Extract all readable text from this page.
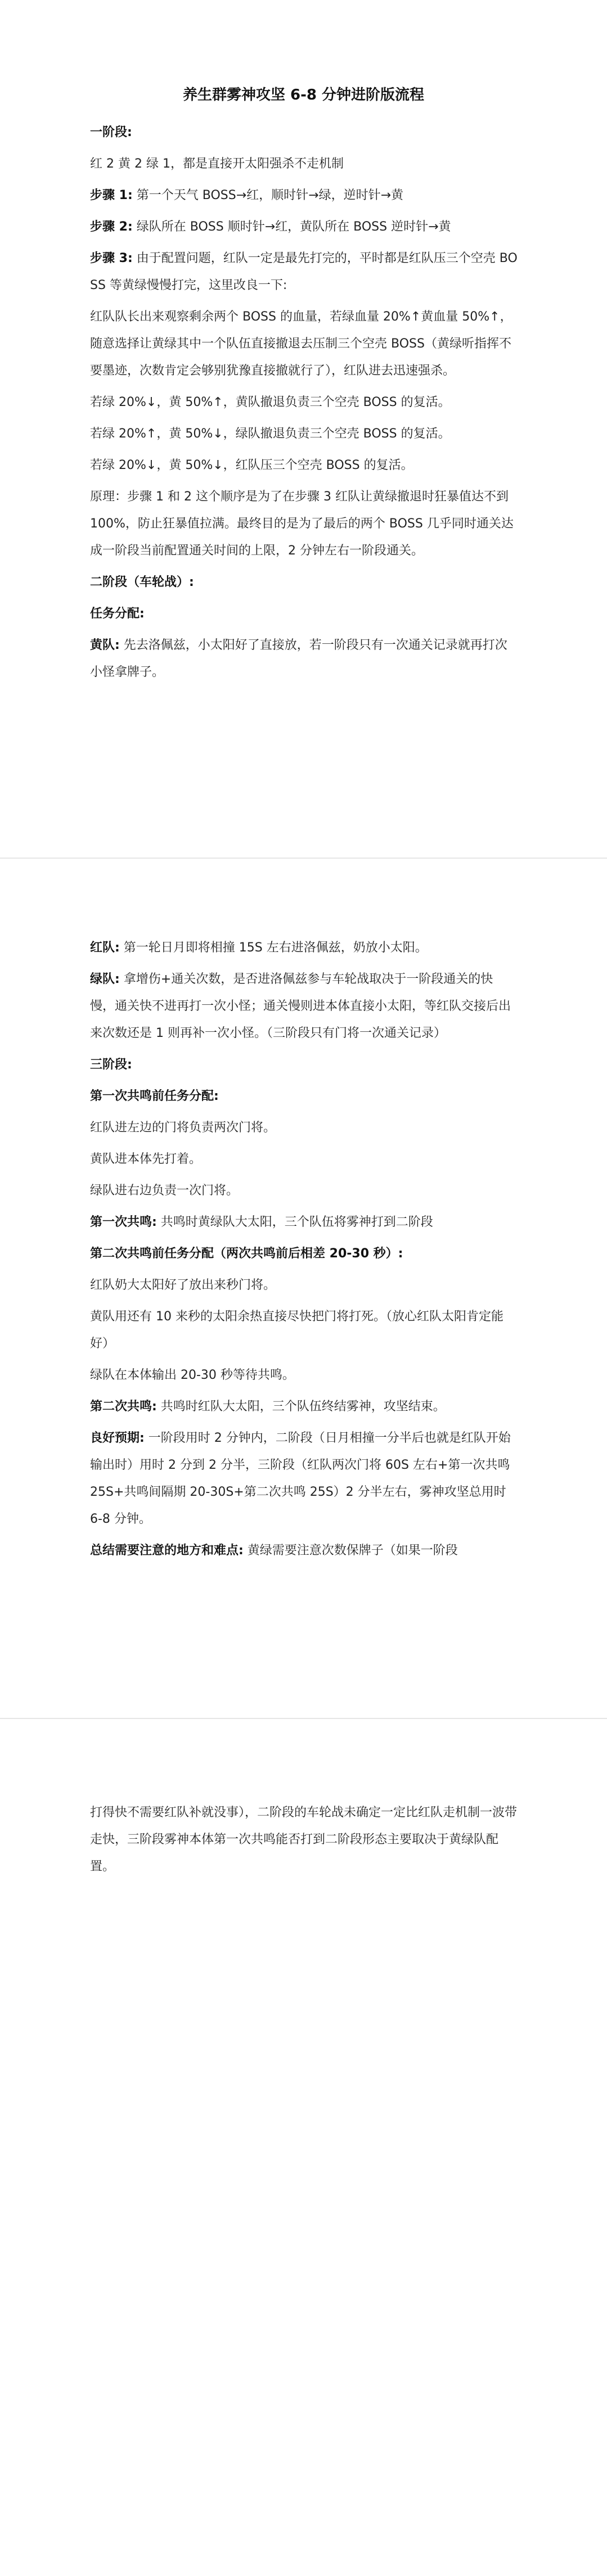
养生群雾神攻坚 6-8 分钟进阶版流程

一阶段:

红 2 黄 2 绿 1，都是直接开太阳强杀不走机制

步骤 1: 第一个天气 BOSS→红，顺时针→绿，逆时针→黄

步骤 2: 绿队所在 BOSS 顺时针→红，黄队所在 BOSS 逆时针→黄

步骤 3: 由于配置问题，红队一定是最先打完的，平时都是红队压三个空壳 BOSS 等黄绿慢慢打完，这里改良一下:

红队队长出来观察剩余两个 BOSS 的血量，若绿血量 20%↑黄血量 50%↑，随意选择让黄绿其中一个队伍直接撤退去压制三个空壳 BOSS（黄绿听指挥不要墨迹，次数肯定会够别犹豫直接撤就行了），红队进去迅速强杀。

若绿 20%↓，黄 50%↑，黄队撤退负责三个空壳 BOSS 的复活。

若绿 20%↑，黄 50%↓，绿队撤退负责三个空壳 BOSS 的复活。

若绿 20%↓，黄 50%↓，红队压三个空壳 BOSS 的复活。

原理：步骤 1 和 2 这个顺序是为了在步骤 3 红队让黄绿撤退时狂暴值达不到 100%，防止狂暴值拉满。最终目的是为了最后的两个 BOSS 几乎同时通关达成一阶段当前配置通关时间的上限，2 分钟左右一阶段通关。

二阶段（车轮战）:

任务分配:

黄队: 先去洛佩兹，小太阳好了直接放，若一阶段只有一次通关记录就再打次小怪拿牌子。

红队: 第一轮日月即将相撞 15S 左右进洛佩兹，奶放小太阳。

绿队: 拿增伤+通关次数，是否进洛佩兹参与车轮战取决于一阶段通关的快慢，通关快不进再打一次小怪；通关慢则进本体直接小太阳，等红队交接后出来次数还是 1 则再补一次小怪。（三阶段只有门将一次通关记录）

三阶段:

第一次共鸣前任务分配:

红队进左边的门将负责两次门将。

黄队进本体先打着。

绿队进右边负责一次门将。

第一次共鸣: 共鸣时黄绿队大太阳，三个队伍将雾神打到二阶段

第二次共鸣前任务分配（两次共鸣前后相差 20-30 秒）:

红队奶大太阳好了放出来秒门将。

黄队用还有 10 来秒的太阳余热直接尽快把门将打死。（放心红队太阳肯定能好）

绿队在本体输出 20-30 秒等待共鸣。

第二次共鸣: 共鸣时红队大太阳，三个队伍终结雾神，攻坚结束。

良好预期: 一阶段用时 2 分钟内，二阶段（日月相撞一分半后也就是红队开始输出时）用时 2 分到 2 分半，三阶段（红队两次门将 60S 左右+第一次共鸣 25S+共鸣间隔期 20-30S+第二次共鸣 25S）2 分半左右，雾神攻坚总用时 6-8 分钟。

总结需要注意的地方和难点: 黄绿需要注意次数保牌子（如果一阶段

打得快不需要红队补就没事），二阶段的车轮战未确定一定比红队走机制一波带走快，三阶段雾神本体第一次共鸣能否打到二阶段形态主要取决于黄绿队配置。
